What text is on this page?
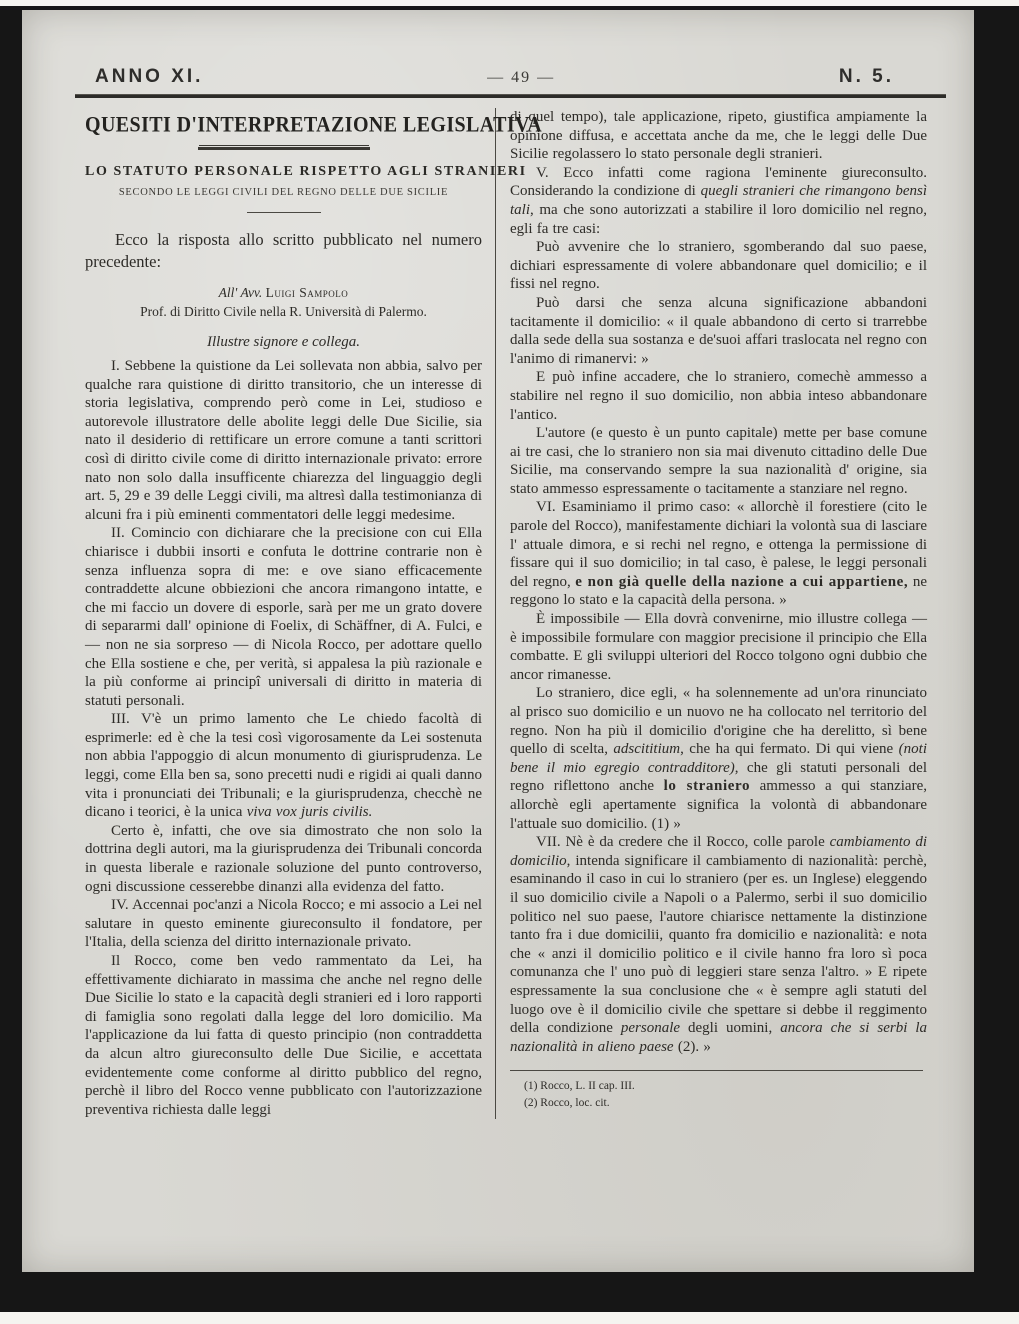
ANNO XI.	— 49 —	N. 5.
QUESITI D'INTERPRETAZIONE LEGISLATIVA
LO STATUTO PERSONALE RISPETTO AGLI STRANIERI

SECONDO LE LEGGI CIVILI DEL REGNO DELLE DUE SICILIE

Ecco la risposta allo scritto pubblicato nel numero precedente:

All' Avv. Luigi Sampolo

Prof. di Diritto Civile nella R. Università di Palermo.

Illustre signore e collega.

I. Sebbene la quistione da Lei sollevata non abbia, salvo per qualche rara quistione di diritto transitorio, che un interesse di storia legislativa, comprendo però come in Lei, studioso e autorevole illustratore delle abolite leggi delle Due Sicilie, sia nato il desiderio di rettificare un errore comune a tanti scrittori così di diritto civile come di diritto internazionale privato: errore nato non solo dalla insufficente chiarezza del linguaggio degli art. 5, 29 e 39 delle Leggi civili, ma altresì dalla testimonianza di alcuni fra i più eminenti commentatori delle leggi medesime.

II. Comincio con dichiarare che la precisione con cui Ella chiarisce i dubbii insorti e confuta le dottrine contrarie non è senza influenza sopra di me: e ove siano efficacemente contraddette alcune obbiezioni che ancora rimangono intatte, e che mi faccio un dovere di esporle, sarà per me un grato dovere di separarmi dall' opinione di Foelix, di Schäffner, di A. Fulci, e — non ne sia sorpreso — di Nicola Rocco, per adottare quello che Ella sostiene e che, per verità, si appalesa la più razionale e la più conforme ai principî universali di diritto in materia di statuti personali.

III. V'è un primo lamento che Le chiedo facoltà di esprimerle: ed è che la tesi così vigorosamente da Lei sostenuta non abbia l'appoggio di alcun monumento di giurisprudenza. Le leggi, come Ella ben sa, sono precetti nudi e rigidi ai quali danno vita i pronunciati dei Tribunali; e la giurisprudenza, checchè ne dicano i teorici, è la unica viva vox juris civilis.

Certo è, infatti, che ove sia dimostrato che non solo la dottrina degli autori, ma la giurisprudenza dei Tribunali concorda in questa liberale e razionale soluzione del punto controverso, ogni discussione cesserebbe dinanzi alla evidenza del fatto.

IV. Accennai poc'anzi a Nicola Rocco; e mi associo a Lei nel salutare in questo eminente giureconsulto il fondatore, per l'Italia, della scienza del diritto internazionale privato.

Il Rocco, come ben vedo rammentato da Lei, ha effettivamente dichiarato in massima che anche nel regno delle Due Sicilie lo stato e la capacità degli stranieri ed i loro rapporti di famiglia sono regolati dalla legge del loro domicilio. Ma l'applicazione da lui fatta di questo principio (non contraddetta da alcun altro giureconsulto delle Due Sicilie, e accettata evidentemente come conforme al diritto pubblico del regno, perchè il libro del Rocco venne pubblicato con l'autorizzazione preventiva richiesta dalle leggi

di quel tempo), tale applicazione, ripeto, giustifica ampiamente la opinione diffusa, e accettata anche da me, che le leggi delle Due Sicilie regolassero lo stato personale degli stranieri.

V. Ecco infatti come ragiona l'eminente giureconsulto. Considerando la condizione di quegli stranieri che rimangono bensì tali, ma che sono autorizzati a stabilire il loro domicilio nel regno, egli fa tre casi:

Può avvenire che lo straniero, sgomberando dal suo paese, dichiari espressamente di volere abbandonare quel domicilio; e il fissi nel regno.

Può darsi che senza alcuna significazione abbandoni tacitamente il domicilio: « il quale abbandono di certo si trarrebbe dalla sede della sua sostanza e de'suoi affari traslocata nel regno con l'animo di rimanervi: »

E può infine accadere, che lo straniero, comechè ammesso a stabilire nel regno il suo domicilio, non abbia inteso abbandonare l'antico.

L'autore (e questo è un punto capitale) mette per base comune ai tre casi, che lo straniero non sia mai divenuto cittadino delle Due Sicilie, ma conservando sempre la sua nazionalità d' origine, sia stato ammesso espressamente o tacitamente a stanziare nel regno.

VI. Esaminiamo il primo caso: « allorchè il forestiere (cito le parole del Rocco), manifestamente dichiari la volontà sua di lasciare l' attuale dimora, e si rechi nel regno, e ottenga la permissione di fissare qui il suo domicilio; in tal caso, è palese, le leggi personali del regno, e non già quelle della nazione a cui appartiene, ne reggono lo stato e la capacità della persona. »

È impossibile — Ella dovrà convenirne, mio illustre collega — è impossibile formulare con maggior precisione il principio che Ella combatte. E gli sviluppi ulteriori del Rocco tolgono ogni dubbio che ancor rimanesse.

Lo straniero, dice egli, « ha solennemente ad un'ora rinunciato al prisco suo domicilio e un nuovo ne ha collocato nel territorio del regno. Non ha più il domicilio d'origine che ha derelitto, sì bene quello di scelta, adscititium, che ha qui fermato. Di qui viene (noti bene il mio egregio contradditore), che gli statuti personali del regno riflettono anche lo straniero ammesso a qui stanziare, allorchè egli apertamente significa la volontà di abbandonare l'attuale suo domicilio. (1) »

VII. Nè è da credere che il Rocco, colle parole cambiamento di domicilio, intenda significare il cambiamento di nazionalità: perchè, esaminando il caso in cui lo straniero (per es. un Inglese) eleggendo il suo domicilio civile a Napoli o a Palermo, serbi il suo domicilio politico nel suo paese, l'autore chiarisce nettamente la distinzione tanto fra i due domicilii, quanto fra domicilio e nazionalità: e nota che « anzi il domicilio politico e il civile hanno fra loro sì poca comunanza che l' uno può di leggieri stare senza l'altro. » E ripete espressamente la sua conclusione che « è sempre agli statuti del luogo ove è il domicilio civile che spettare si debbe il reggimento della condizione personale degli uomini, ancora che si serbi la nazionalità in alieno paese (2). »

(1) Rocco, L. II cap. III.

(2) Rocco, loc. cit.
